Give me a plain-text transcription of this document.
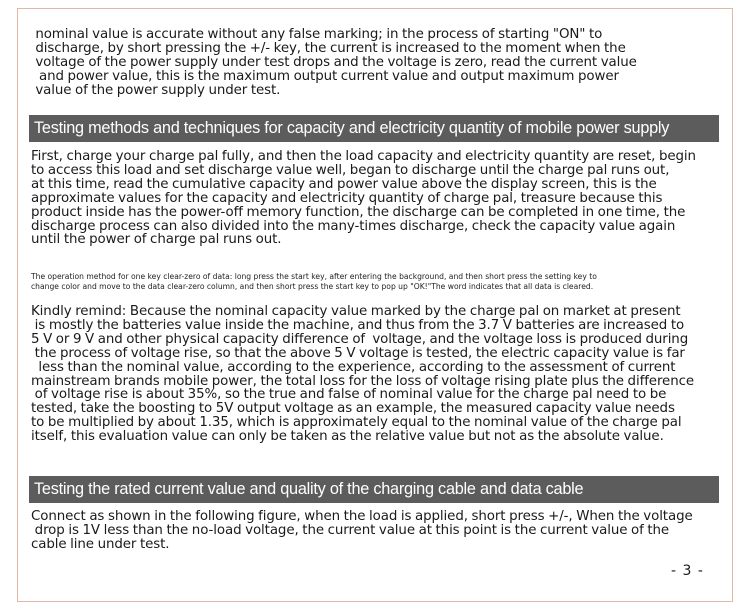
nominal value is accurate without any false marking; in the process of starting "ON" to
discharge, by short pressing the +/- key, the current is increased to the moment when the
voltage of the power supply under test drops and the voltage is zero, read the current value
and power value, this is the maximum output current value and output maximum power
value of the power supply under test.
Testing methods and techniques for capacity and electricity quantity of mobile power supply
First, charge your charge pal fully, and then the load capacity and electricity quantity are reset, begin
to access this load and set discharge value well, began to discharge until the charge pal runs out,
at this time, read the cumulative capacity and power value above the display screen, this is the
approximate values for the capacity and electricity quantity of charge pal, treasure because this
product inside has the power-off memory function, the discharge can be completed in one time, the
discharge process can also divided into the many-times discharge, check the capacity value again
until the power of charge pal runs out.
The operation method for one key clear-zero of data: long press the start key, after entering the background, and then short press the setting key to
change color and move to the data clear-zero column, and then short press the start key to pop up "OK!"The word indicates that all data is cleared.
Kindly remind: Because the nominal capacity value marked by the charge pal on market at present
is mostly the batteries value inside the machine, and thus from the 3.7 V batteries are increased to
5 V or 9 V and other physical capacity difference of  voltage, and the voltage loss is produced during
the process of voltage rise, so that the above 5 V voltage is tested, the electric capacity value is far
less than the nominal value, according to the experience, according to the assessment of current
mainstream brands mobile power, the total loss for the loss of voltage rising plate plus the difference
of voltage rise is about 35%, so the true and false of nominal value for the charge pal need to be
tested, take the boosting to 5V output voltage as an example, the measured capacity value needs
to be multiplied by about 1.35, which is approximately equal to the nominal value of the charge pal
itself, this evaluation value can only be taken as the relative value but not as the absolute value.
Testing the rated current value and quality of the charging cable and data cable
Connect as shown in the following figure, when the load is applied, short press +/-, When the voltage
drop is 1V less than the no-load voltage, the current value at this point is the current value of the
cable line under test.
- 3 -
